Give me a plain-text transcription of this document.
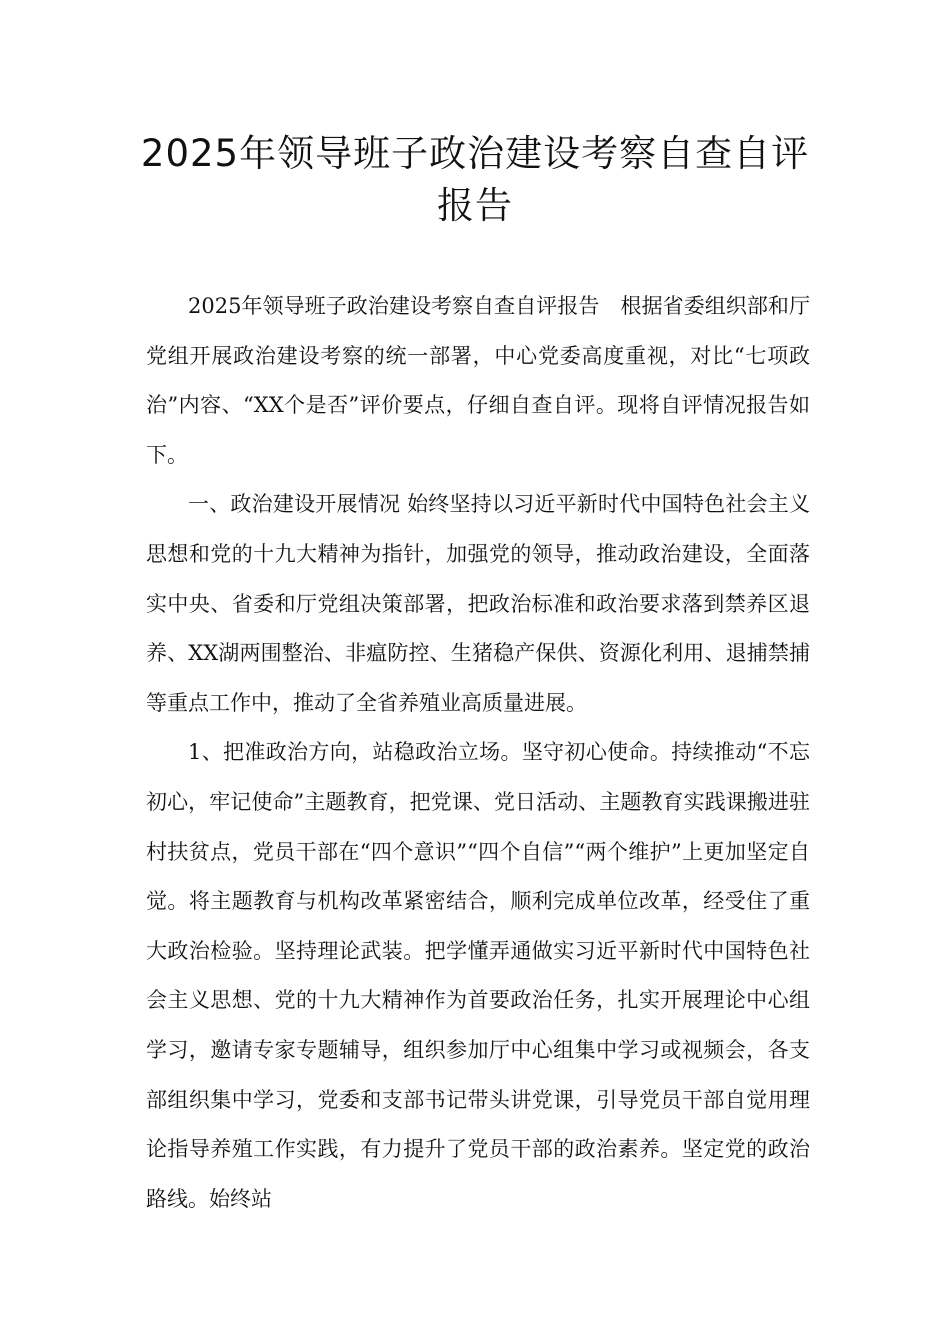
2025年领导班子政治建设考察自查自评
报告

2025年领导班子政治建设考察自查自评报告　根据省委组织部和厅党组开展政治建设考察的统一部署，中心党委高度重视，对比“七项政治”内容、“XX个是否”评价要点，仔细自查自评。现将自评情况报告如下。

一、政治建设开展情况 始终坚持以习近平新时代中国特色社会主义思想和党的十九大精神为指针，加强党的领导，推动政治建设，全面落实中央、省委和厅党组决策部署，把政治标准和政治要求落到禁养区退养、XX湖两围整治、非瘟防控、生猪稳产保供、资源化利用、退捕禁捕等重点工作中，推动了全省养殖业高质量进展。

1、把准政治方向，站稳政治立场。坚守初心使命。持续推动“不忘初心，牢记使命”主题教育，把党课、党日活动、主题教育实践课搬进驻村扶贫点，党员干部在“四个意识”“四个自信”“两个维护”上更加坚定自觉。将主题教育与机构改革紧密结合，顺利完成单位改革，经受住了重大政治检验。坚持理论武装。把学懂弄通做实习近平新时代中国特色社会主义思想、党的十九大精神作为首要政治任务，扎实开展理论中心组学习，邀请专家专题辅导，组织参加厅中心组集中学习或视频会，各支部组织集中学习，党委和支部书记带头讲党课，引导党员干部自觉用理论指导养殖工作实践，有力提升了党员干部的政治素养。坚定党的政治路线。始终站
